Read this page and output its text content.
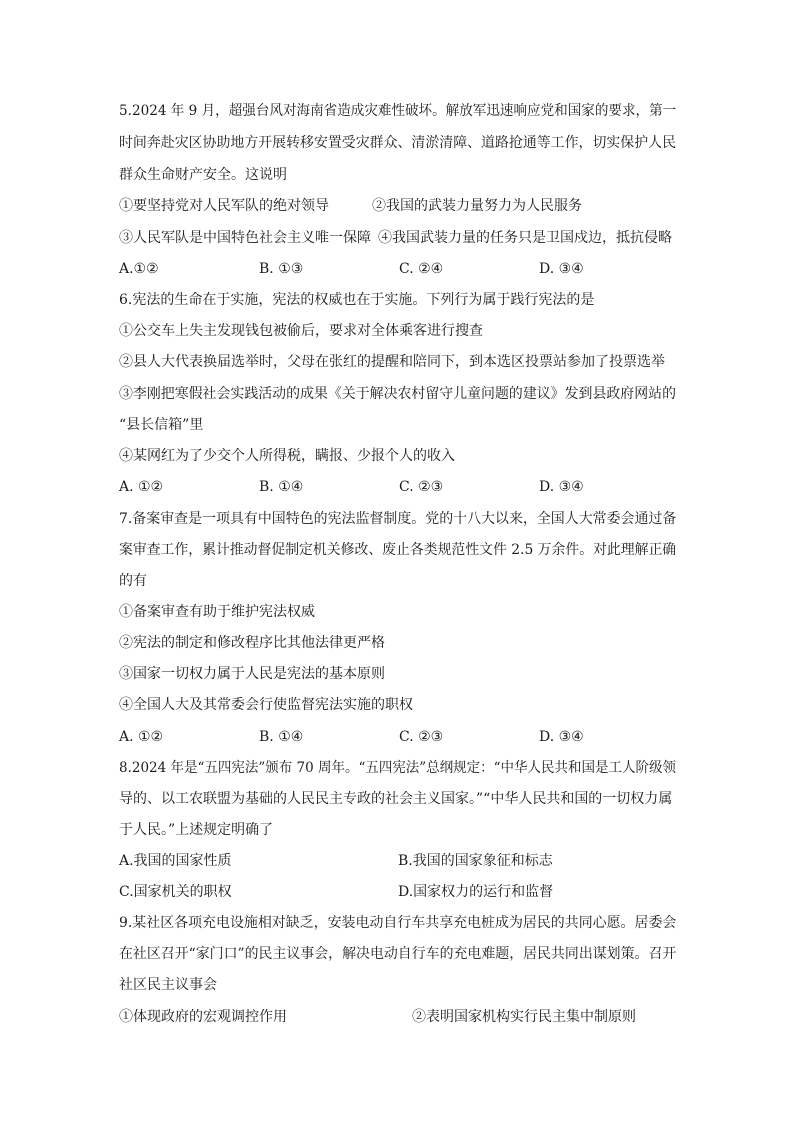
5.2024 年 9 月，超强台风对海南省造成灾难性破坏。解放军迅速响应党和国家的要求，第一
时间奔赴灾区协助地方开展转移安置受灾群众、清淤清障、道路抢通等工作，切实保护人民
群众生命财产安全。这说明
①要坚持党对人民军队的绝对领导	②我国的武装力量努力为人民服务
③人民军队是中国特色社会主义唯一保障 ④我国武装力量的任务只是卫国戍边，抵抗侵略
A.①②	B. ①③	C. ②④	D. ③④
6.宪法的生命在于实施，宪法的权威也在于实施。下列行为属于践行宪法的是
①公交车上失主发现钱包被偷后，要求对全体乘客进行搜查
②县人大代表换届选举时，父母在张红的提醒和陪同下，到本选区投票站参加了投票选举
③李刚把寒假社会实践活动的成果《关于解决农村留守儿童问题的建议》发到县政府网站的
“县长信箱”里
④某网红为了少交个人所得税，瞒报、少报个人的收入
A. ①②	B. ①④	C. ②③	D. ③④
7.备案审查是一项具有中国特色的宪法监督制度。党的十八大以来，全国人大常委会通过备
案审查工作，累计推动督促制定机关修改、废止各类规范性文件 2.5 万余件。对此理解正确
的有
①备案审查有助于维护宪法权威
②宪法的制定和修改程序比其他法律更严格
③国家一切权力属于人民是宪法的基本原则
④全国人大及其常委会行使监督宪法实施的职权
A. ①②	B. ①④	C. ②③	D. ③④
8.2024 年是“五四宪法”颁布 70 周年。“五四宪法”总纲规定：“中华人民共和国是工人阶级领
导的、以工农联盟为基础的人民民主专政的社会主义国家。”“中华人民共和国的一切权力属
于人民。”上述规定明确了
A.我国的国家性质	B.我国的国家象征和标志
C.国家机关的职权	D.国家权力的运行和监督
9.某社区各项充电设施相对缺乏，安装电动自行车共享充电桩成为居民的共同心愿。居委会
在社区召开“家门口”的民主议事会，解决电动自行车的充电难题，居民共同出谋划策。召开
社区民主议事会
①体现政府的宏观调控作用	②表明国家机构实行民主集中制原则
